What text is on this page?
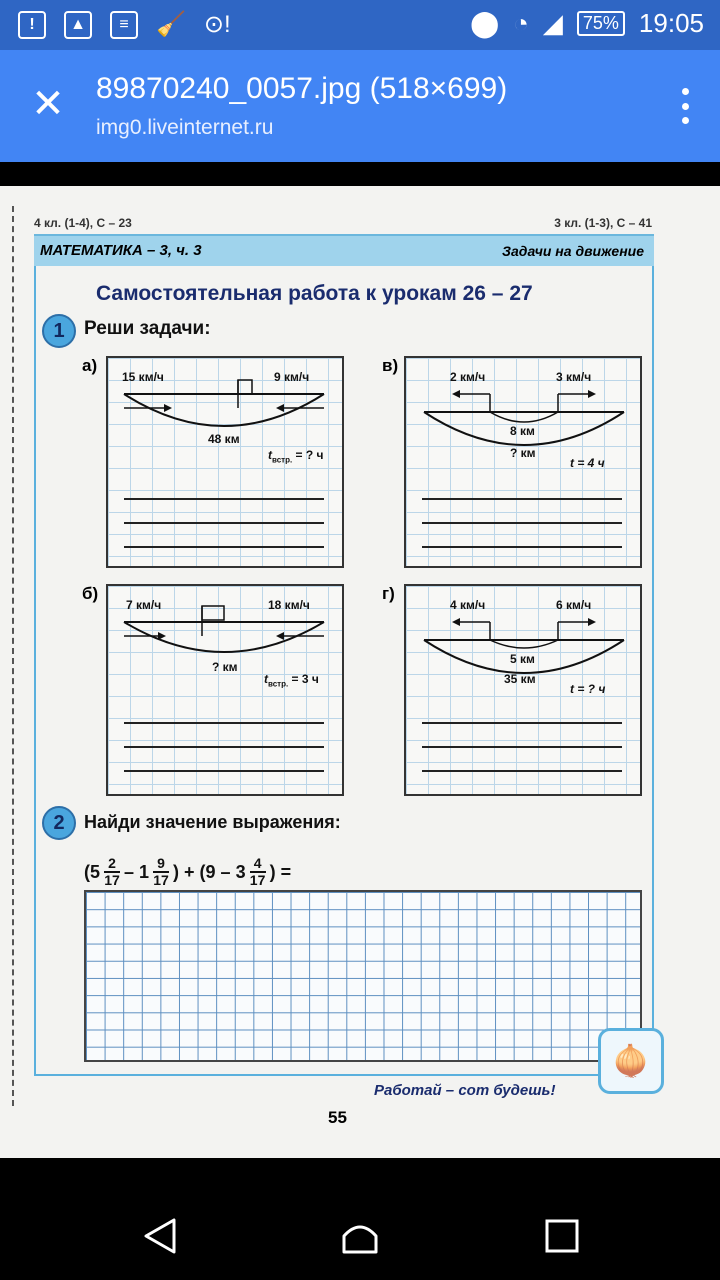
!	▲	≡	🧹 ⊙!	⬤ ◔ ◢	75% 19:05
✕ 89870240_0057.jpg (518×699)
img0.liveinternet.ru
4 кл. (1-4), С – 23	3 кл. (1-3), С – 41
МАТЕМАТИКА – 3, ч. 3	Задачи на движение
Самостоятельная работа к урокам 26 – 27
1	Реши задачи:
а)
15 км/ч	9 км/ч
48 км
$t_{встр.}$ = ? ч
в)
2 км/ч	3 км/ч
8 км
? км
t = 4 ч
б)
7 км/ч	18 км/ч
? км
$t_{встр.} = 3$ ч
г)
4 км/ч	6 км/ч
5 км
35 км
t = ? ч
2	Найди значение выражения:
($5 \frac{2}{17} - 1 \frac{9}{17}$ ) + ($9 - 3 \frac{4}{17}$ ) =
🧅
Работай – сот будешь!
55
